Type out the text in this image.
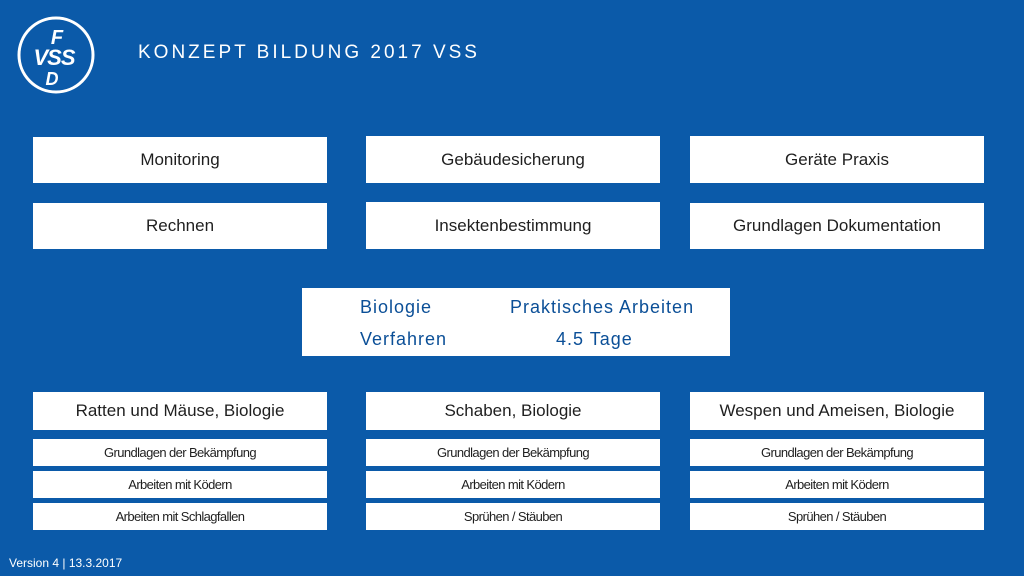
F
VSS
D
KONZEPT BILDUNG 2017 VSS
Monitoring	Gebäudesicherung	Geräte Praxis
Rechnen	Insektenbestimmung	Grundlagen Dokumentation
Biologie	Praktisches Arbeiten
Verfahren	4.5 Tage
Ratten und Mäuse, Biologie
Grundlagen der Bekämpfung
Arbeiten mit Ködern
Arbeiten mit Schlagfallen
Schaben, Biologie
Grundlagen der Bekämpfung
Arbeiten mit Ködern
Sprühen / Stäuben
Wespen und Ameisen, Biologie
Grundlagen der Bekämpfung
Arbeiten mit Ködern
Sprühen / Stäuben
Version 4 | 13.3.2017
